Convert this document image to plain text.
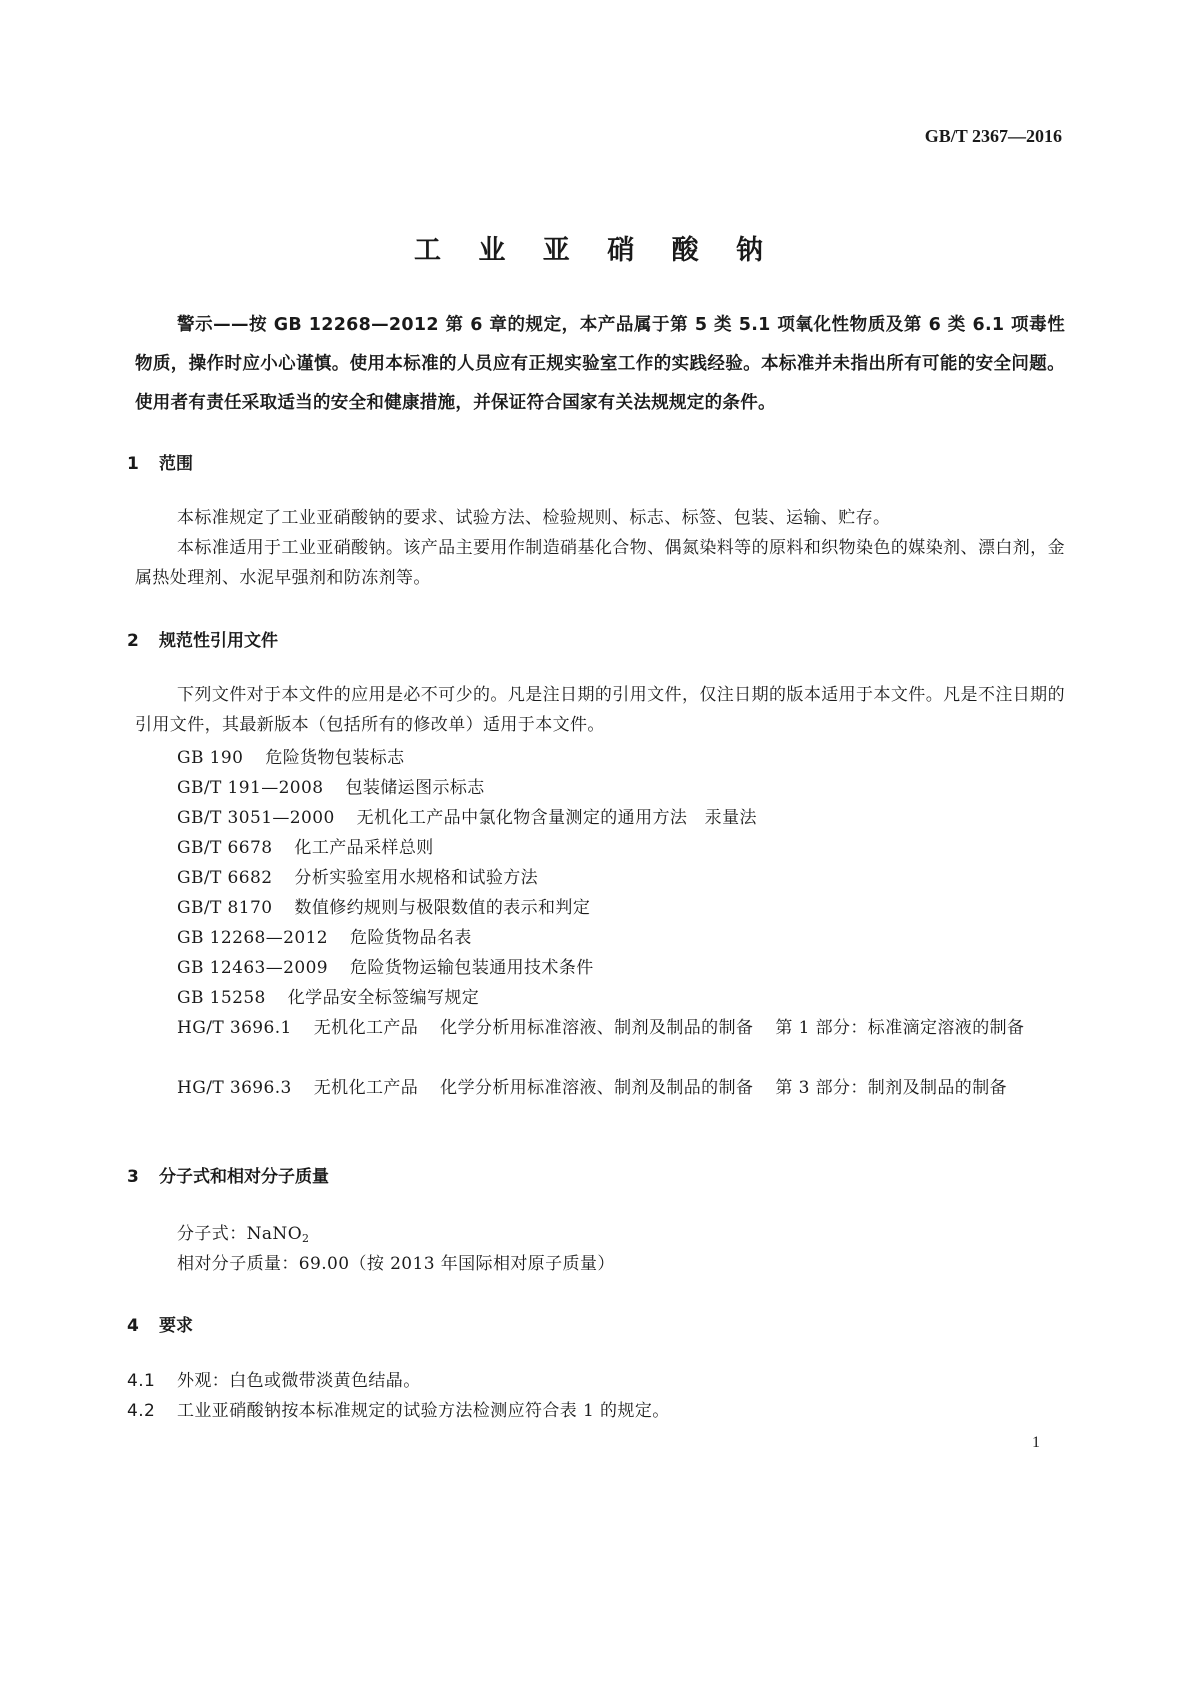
GB/T 2367—2016
工 业 亚 硝 酸 钠
警示——按 GB 12268—2012 第 6 章的规定，本产品属于第 5 类 5.1 项氧化性物质及第 6 类 6.1 项毒性物质，操作时应小心谨慎。使用本标准的人员应有正规实验室工作的实践经验。本标准并未指出所有可能的安全问题。使用者有责任采取适当的安全和健康措施，并保证符合国家有关法规规定的条件。
1 范围
本标准规定了工业亚硝酸钠的要求、试验方法、检验规则、标志、标签、包装、运输、贮存。
本标准适用于工业亚硝酸钠。该产品主要用作制造硝基化合物、偶氮染料等的原料和织物染色的媒染剂、漂白剂，金属热处理剂、水泥早强剂和防冻剂等。
2 规范性引用文件
下列文件对于本文件的应用是必不可少的。凡是注日期的引用文件，仅注日期的版本适用于本文件。凡是不注日期的引用文件，其最新版本（包括所有的修改单）适用于本文件。
GB 190 危险货物包装标志
GB/T 191—2008 包装储运图示标志
GB/T 3051—2000 无机化工产品中氯化物含量测定的通用方法　汞量法
GB/T 6678 化工产品采样总则
GB/T 6682 分析实验室用水规格和试验方法
GB/T 8170 数值修约规则与极限数值的表示和判定
GB 12268—2012 危险货物品名表
GB 12463—2009 危险货物运输包装通用技术条件
GB 15258 化学品安全标签编写规定
HG/T 3696.1 无机化工产品 化学分析用标准溶液、制剂及制品的制备 第 1 部分：标准滴定溶液的制备
HG/T 3696.3 无机化工产品 化学分析用标准溶液、制剂及制品的制备 第 3 部分：制剂及制品的制备
3 分子式和相对分子质量
分子式：NaNO$_2$
相对分子质量：69.00（按 2013 年国际相对原子质量）
4 要求
4.1 外观：白色或微带淡黄色结晶。
4.2 工业亚硝酸钠按本标准规定的试验方法检测应符合表 1 的规定。
1
